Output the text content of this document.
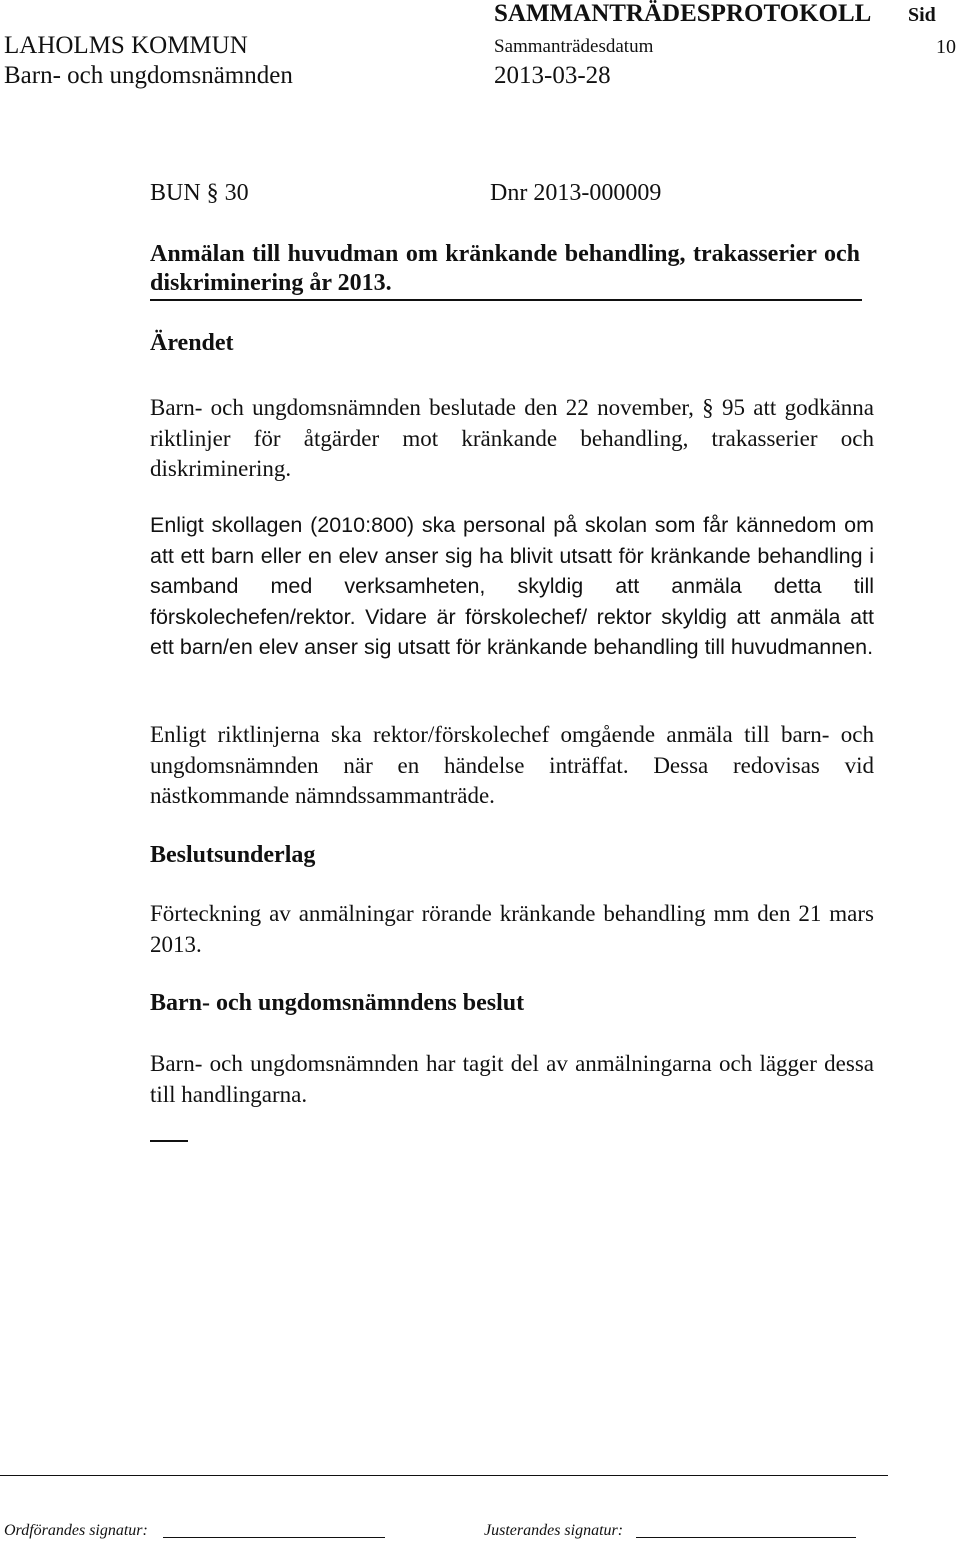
SAMMANTRÄDESPROTOKOLL Sid
LAHOLMS KOMMUN	Sammanträdesdatum	10
Barn- och ungdomsnämnden	2013-03-28
BUN § 30	Dnr 2013-000009
Anmälan till huvudman om kränkande behandling, trakasserier och diskriminering år 2013.
Ärendet
Barn- och ungdomsnämnden beslutade den 22 november, § 95 att godkänna riktlinjer för åtgärder mot kränkande behandling, trakasserier och diskriminering.
Enligt skollagen (2010:800) ska personal på skolan som får kännedom om att ett barn eller en elev anser sig ha blivit utsatt för kränkande behandling i samband med verksamheten, skyldig att anmäla detta till förskolechefen/rektor. Vidare är förskolechef/ rektor skyldig att anmäla att ett barn/en elev anser sig utsatt för kränkande behandling till huvudmannen.
Enligt riktlinjerna ska rektor/förskolechef omgående anmäla till barn- och ungdomsnämnden när en händelse inträffat. Dessa redovisas vid nästkommande nämndssammanträde.
Beslutsunderlag
Förteckning av anmälningar rörande kränkande behandling mm den 21 mars 2013.
Barn- och ungdomsnämndens beslut
Barn- och ungdomsnämnden har tagit del av anmälningarna och lägger dessa till handlingarna.
Ordförandes signatur:	Justerandes signatur:
